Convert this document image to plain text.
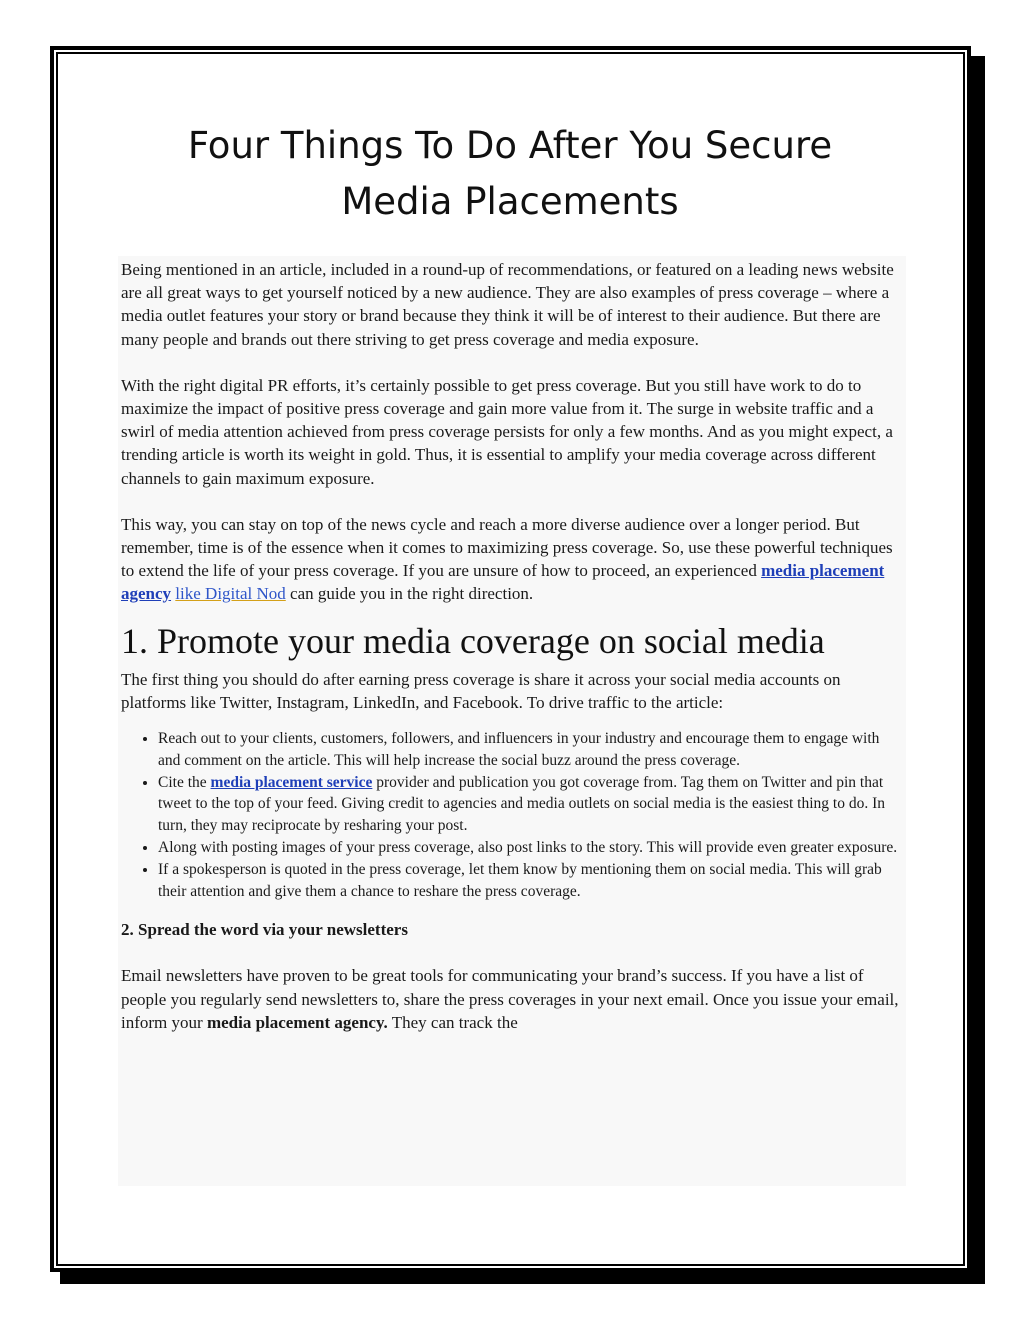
Four Things To Do After You Secure
Media Placements

Being mentioned in an article, included in a round-up of recommendations, or featured on a leading news website are all great ways to get yourself noticed by a new audience. They are also examples of press coverage – where a media outlet features your story or brand because they think it will be of interest to their audience. But there are many people and brands out there striving to get press coverage and media exposure.

With the right digital PR efforts, it’s certainly possible to get press coverage. But you still have work to do to maximize the impact of positive press coverage and gain more value from it. The surge in website traffic and a swirl of media attention achieved from press coverage persists for only a few months. And as you might expect, a trending article is worth its weight in gold. Thus, it is essential to amplify your media coverage across different channels to gain maximum exposure.

This way, you can stay on top of the news cycle and reach a more diverse audience over a longer period. But remember, time is of the essence when it comes to maximizing press coverage. So, use these powerful techniques to extend the life of your press coverage. If you are unsure of how to proceed, an experienced media placement agency like Digital Nod can guide you in the right direction.

1. Promote your media coverage on social media

The first thing you should do after earning press coverage is share it across your social media accounts on platforms like Twitter, Instagram, LinkedIn, and Facebook. To drive traffic to the article:

• Reach out to your clients, customers, followers, and influencers in your industry and encourage them to engage with and comment on the article. This will help increase the social buzz around the press coverage.
• Cite the media placement service provider and publication you got coverage from. Tag them on Twitter and pin that tweet to the top of your feed. Giving credit to agencies and media outlets on social media is the easiest thing to do. In turn, they may reciprocate by resharing your post.
• Along with posting images of your press coverage, also post links to the story. This will provide even greater exposure.
• If a spokesperson is quoted in the press coverage, let them know by mentioning them on social media. This will grab their attention and give them a chance to reshare the press coverage.
2. Spread the word via your newsletters

Email newsletters have proven to be great tools for communicating your brand’s success. If you have a list of people you regularly send newsletters to, share the press coverages in your next email. Once you issue your email, inform your media placement agency. They can track the
